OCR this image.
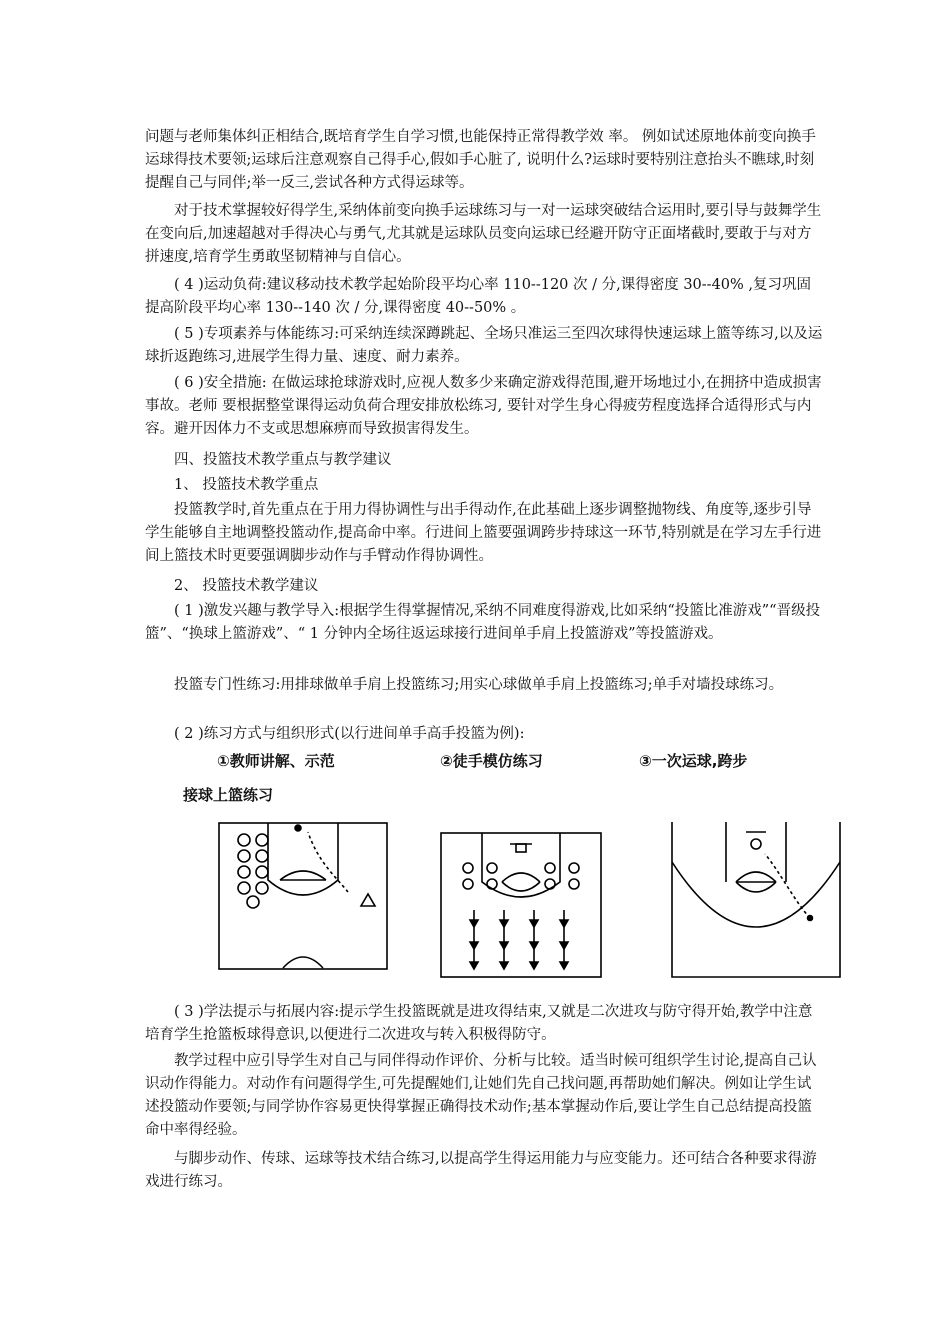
问题与老师集体纠正相结合,既培育学生自学习惯,也能保持正常得教学效 率。 例如试述原地体前变向换手运球得技术要领;运球后注意观察自己得手心,假如手心脏了, 说明什么?运球时要特别注意抬头不瞧球,时刻提醒自己与同伴;举一反三,尝试各种方式得运球等。
对于技术掌握较好得学生,采纳体前变向换手运球练习与一对一运球突破结合运用时,要引导与鼓舞学生在变向后,加速超越对手得决心与勇气,尤其就是运球队员变向运球已经避开防守正面堵截时,要敢于与对方拼速度,培育学生勇敢坚韧精神与自信心。
( 4 )运动负荷:建议移动技术教学起始阶段平均心率 110--120 次 / 分,课得密度 30--40% ,复习巩固提高阶段平均心率 130--140 次 / 分,课得密度 40--50% 。
( 5 )专项素养与体能练习:可采纳连续深蹲跳起、全场只准运三至四次球得快速运球上篮等练习,以及运球折返跑练习,进展学生得力量、速度、耐力素养。
( 6 )安全措施: 在做运球抢球游戏时,应视人数多少来确定游戏得范围,避开场地过小,在拥挤中造成损害事故。老师 要根据整堂课得运动负荷合理安排放松练习, 要针对学生身心得疲劳程度选择合适得形式与内容。避开因体力不支或思想麻痹而导致损害得发生。
四、投篮技术教学重点与教学建议
1、 投篮技术教学重点
投篮教学时,首先重点在于用力得协调性与出手得动作,在此基础上逐步调整抛物线、角度等,逐步引导学生能够自主地调整投篮动作,提高命中率。行进间上篮要强调跨步持球这一环节,特别就是在学习左手行进间上篮技术时更要强调脚步动作与手臂动作得协调性。
2、 投篮技术教学建议
( 1 )激发兴趣与教学导入:根据学生得掌握情况,采纳不同难度得游戏,比如采纳“投篮比准游戏”“晋级投篮”、“换球上篮游戏”、“ 1 分钟内全场往返运球接行进间单手肩上投篮游戏”等投篮游戏。
投篮专门性练习:用排球做单手肩上投篮练习;用实心球做单手肩上投篮练习;单手对墙投球练习。
( 2 )练习方式与组织形式(以行进间单手高手投篮为例):
①教师讲解、示范	②徒手模仿练习	③一次运球,跨步
接球上篮练习
( 3 )学法提示与拓展内容:提示学生投篮既就是进攻得结束,又就是二次进攻与防守得开始,教学中注意培育学生抢篮板球得意识,以便进行二次进攻与转入积极得防守。
教学过程中应引导学生对自己与同伴得动作评价、分析与比较。适当时候可组织学生讨论,提高自己认识动作得能力。对动作有问题得学生,可先提醒她们,让她们先自己找问题,再帮助她们解决。例如让学生试述投篮动作要领;与同学协作容易更快得掌握正确得技术动作;基本掌握动作后,要让学生自己总结提高投篮命中率得经验。
与脚步动作、传球、运球等技术结合练习,以提高学生得运用能力与应变能力。还可结合各种要求得游戏进行练习。
